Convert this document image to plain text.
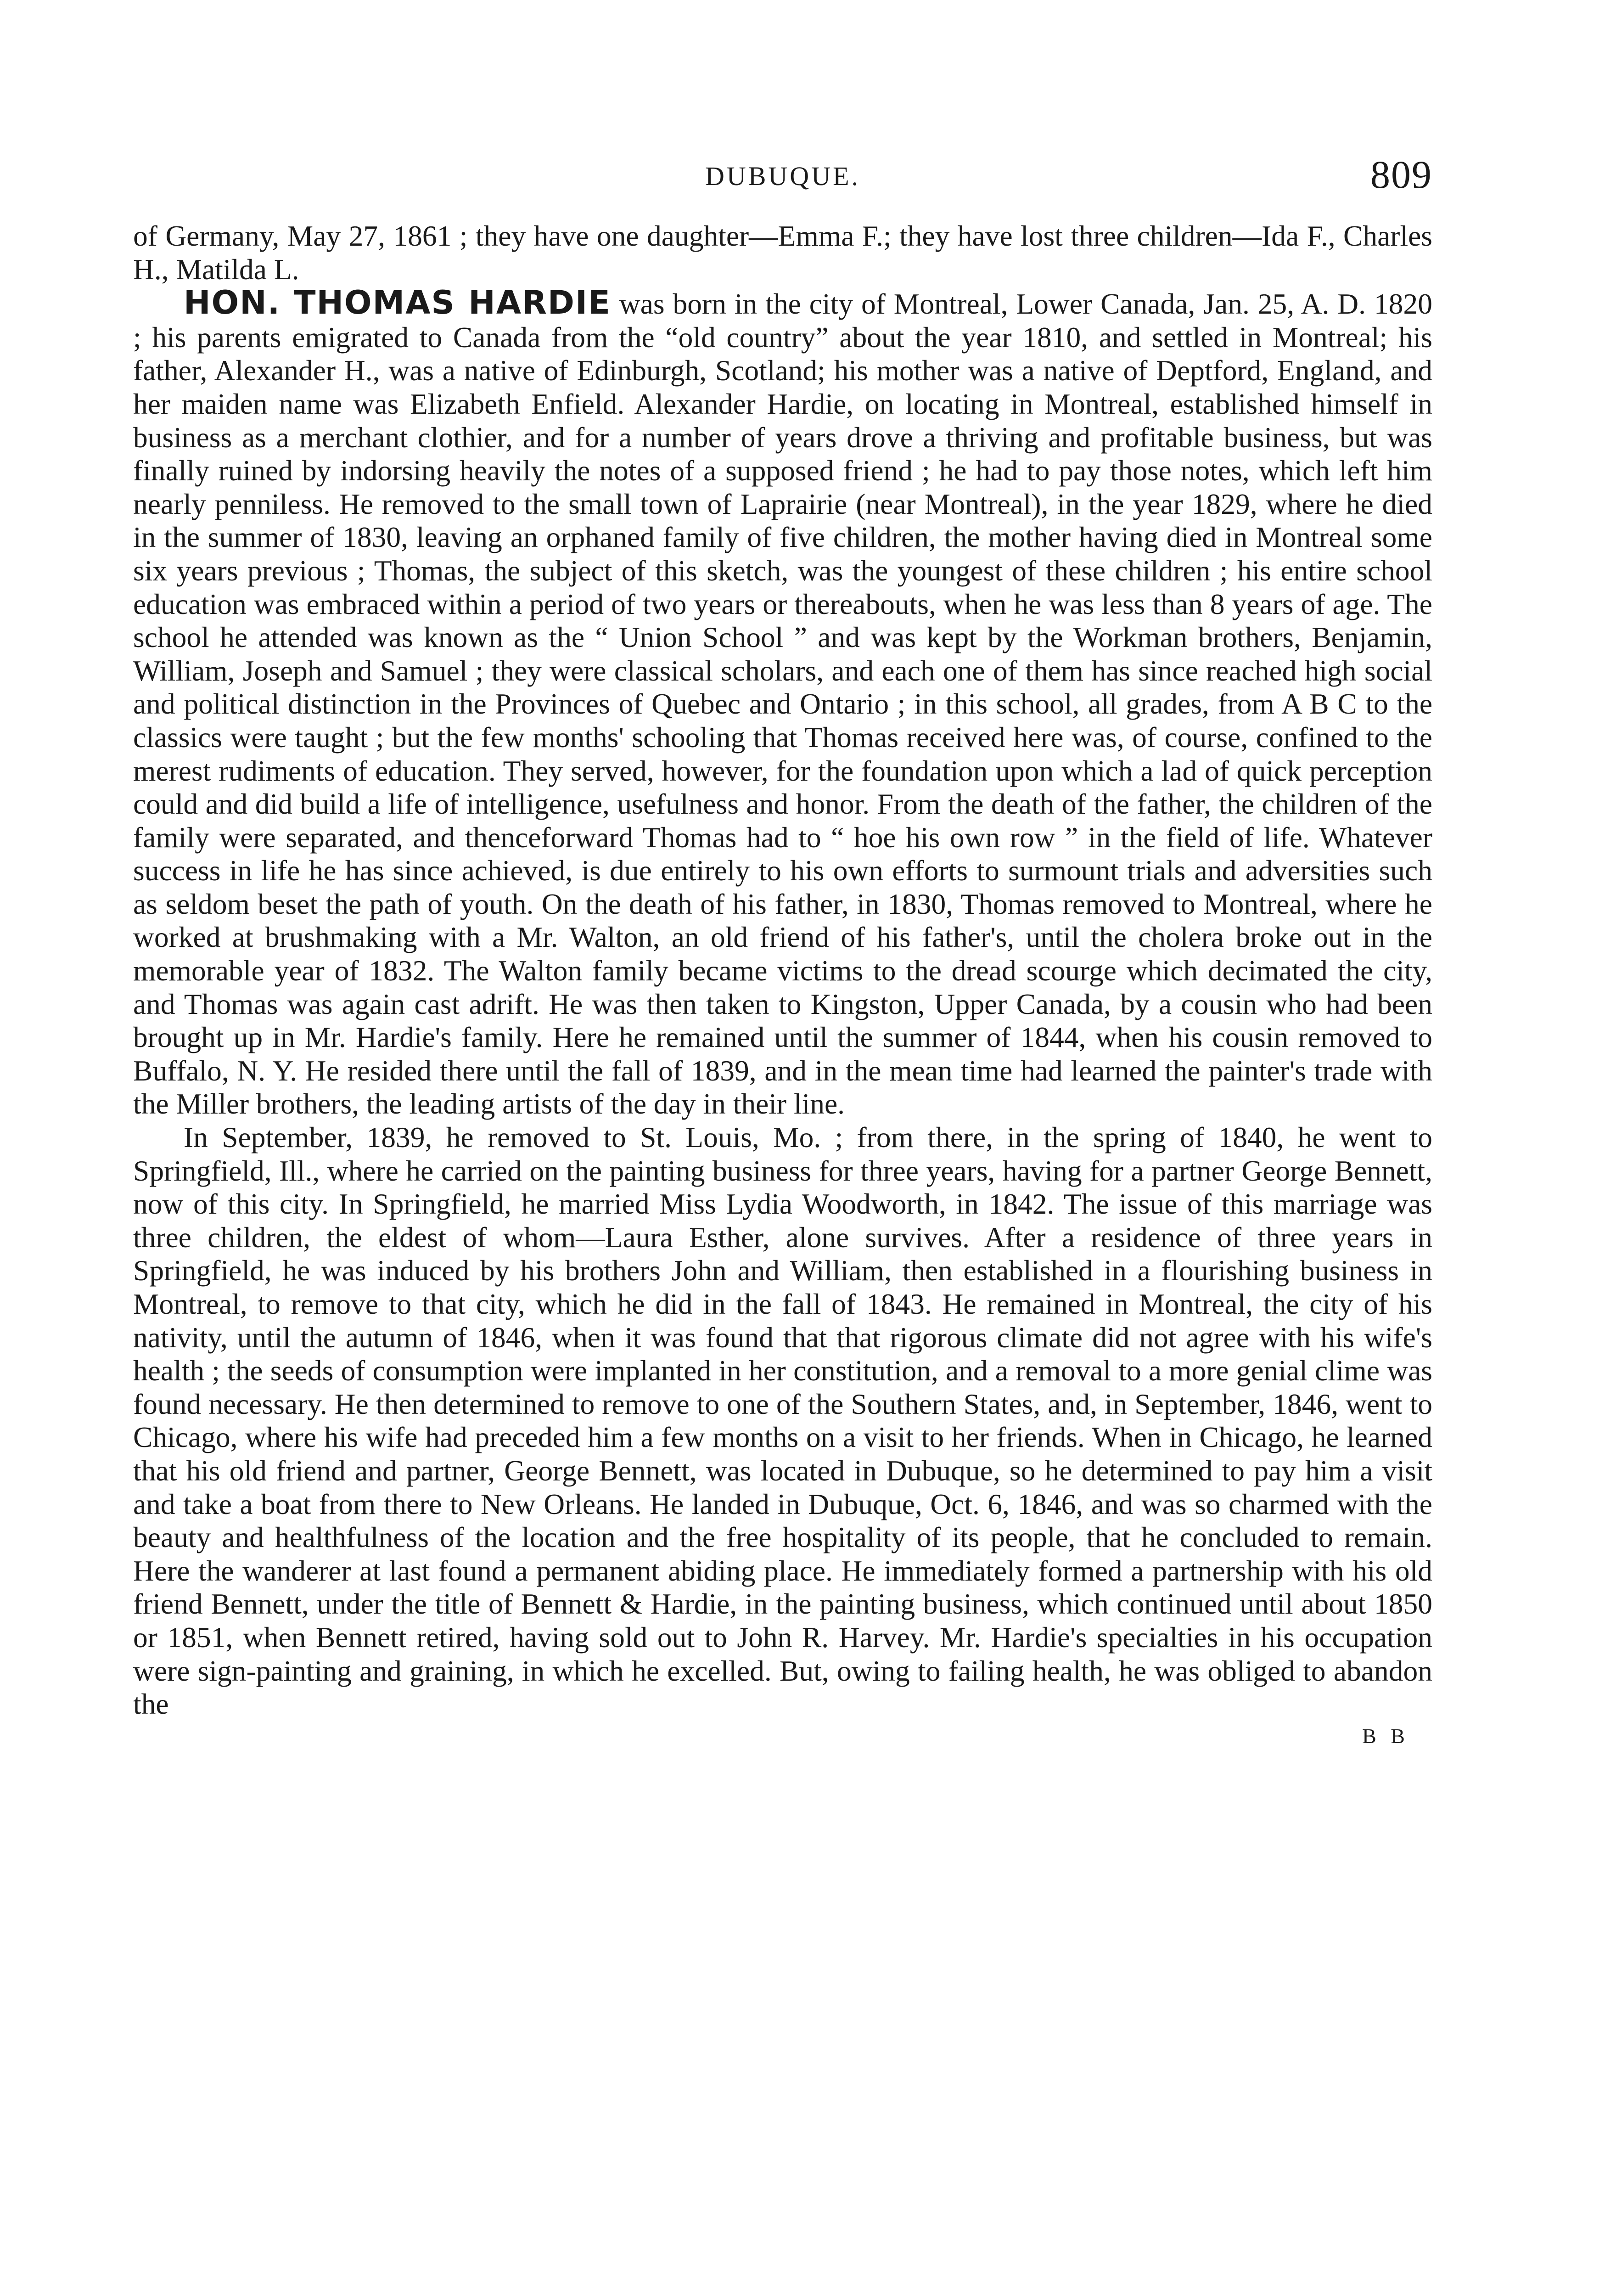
DUBUQUE.	809

of Germany, May 27, 1861 ; they have one daughter—Emma F.; they have lost three children—Ida F., Charles H., Matilda L.

HON. THOMAS HARDIE was born in the city of Montreal, Lower Canada, Jan. 25, A. D. 1820 ; his parents emigrated to Canada from the “old country” about the year 1810, and settled in Montreal; his father, Alexander H., was a native of Edinburgh, Scotland; his mother was a native of Deptford, England, and her maiden name was Elizabeth Enfield. Alexander Hardie, on locating in Montreal, established himself in business as a merchant clothier, and for a number of years drove a thriving and profitable business, but was finally ruined by indorsing heavily the notes of a supposed friend ; he had to pay those notes, which left him nearly penniless. He removed to the small town of Laprairie (near Montreal), in the year 1829, where he died in the summer of 1830, leaving an orphaned family of five children, the mother having died in Montreal some six years previous ; Thomas, the subject of this sketch, was the youngest of these children ; his entire school education was embraced within a period of two years or thereabouts, when he was less than 8 years of age. The school he attended was known as the “ Union School ” and was kept by the Workman brothers, Benjamin, William, Joseph and Samuel ; they were classical scholars, and each one of them has since reached high social and political distinction in the Provinces of Quebec and Ontario ; in this school, all grades, from A B C to the classics were taught ; but the few months' schooling that Thomas received here was, of course, confined to the merest rudiments of education. They served, however, for the foundation upon which a lad of quick perception could and did build a life of intelligence, usefulness and honor. From the death of the father, the children of the family were separated, and thenceforward Thomas had to “ hoe his own row ” in the field of life. Whatever success in life he has since achieved, is due entirely to his own efforts to surmount trials and adversities such as seldom beset the path of youth. On the death of his father, in 1830, Thomas removed to Montreal, where he worked at brushmaking with a Mr. Walton, an old friend of his father's, until the cholera broke out in the memorable year of 1832. The Walton family became victims to the dread scourge which decimated the city, and Thomas was again cast adrift. He was then taken to Kingston, Upper Canada, by a cousin who had been brought up in Mr. Hardie's family. Here he remained until the summer of 1844, when his cousin removed to Buffalo, N. Y. He resided there until the fall of 1839, and in the mean time had learned the painter's trade with the Miller brothers, the leading artists of the day in their line.

In September, 1839, he removed to St. Louis, Mo. ; from there, in the spring of 1840, he went to Springfield, Ill., where he carried on the painting business for three years, having for a partner George Bennett, now of this city. In Springfield, he married Miss Lydia Woodworth, in 1842. The issue of this marriage was three children, the eldest of whom—Laura Esther, alone survives. After a residence of three years in Springfield, he was induced by his brothers John and William, then established in a flourishing business in Montreal, to remove to that city, which he did in the fall of 1843. He remained in Montreal, the city of his nativity, until the autumn of 1846, when it was found that that rigorous climate did not agree with his wife's health ; the seeds of consumption were implanted in her constitution, and a removal to a more genial clime was found necessary. He then determined to remove to one of the Southern States, and, in September, 1846, went to Chicago, where his wife had preceded him a few months on a visit to her friends. When in Chicago, he learned that his old friend and partner, George Bennett, was located in Dubuque, so he determined to pay him a visit and take a boat from there to New Orleans. He landed in Dubuque, Oct. 6, 1846, and was so charmed with the beauty and healthfulness of the location and the free hospitality of its people, that he concluded to remain. Here the wanderer at last found a permanent abiding place. He immediately formed a partnership with his old friend Bennett, under the title of Bennett & Hardie, in the painting business, which continued until about 1850 or 1851, when Bennett retired, having sold out to John R. Harvey. Mr. Hardie's specialties in his occupation were sign-painting and graining, in which he excelled. But, owing to failing health, he was obliged to abandon the

B B
